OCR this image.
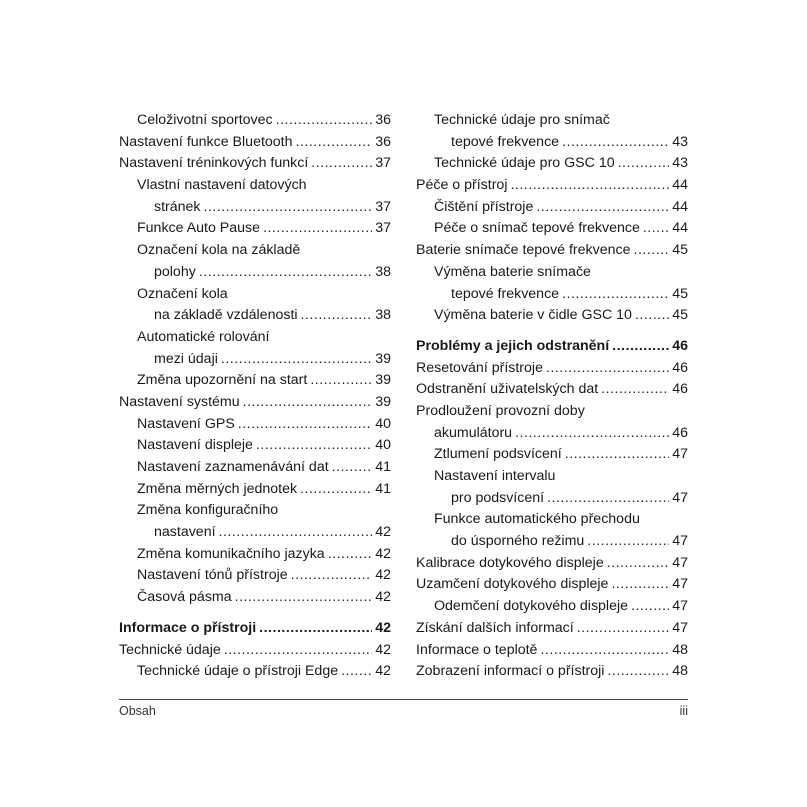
Celoživotní sportovec .....	36
Nastavení funkce Bluetooth .....	36
Nastavení tréninkových funkcí .....	37
Vlastní nastavení datových
stránek .....	37
Funkce Auto Pause .....	37
Označení kola na základě
polohy .....	38
Označení kola
na základě vzdálenosti .....	38
Automatické rolování
mezi údaji .....	39
Změna upozornění na start .....	39
Nastavení systému .....	39
Nastavení GPS .....	40
Nastavení displeje .....	40
Nastavení zaznamenávání dat .....	41
Změna měrných jednotek .....	41
Změna konfiguračního
nastavení .....	42
Změna komunikačního jazyka .....	42
Nastavení tónů přístroje .....	42
Časová pásma .....	42
Informace o přístroji .....	42
Technické údaje .....	42
Technické údaje o přístroji Edge .....	42
Technické údaje pro snímač
tepové frekvence .....	43
Technické údaje pro GSC 10 .....	43
Péče o přístroj .....	44
Čištění přístroje .....	44
Péče o snímač tepové frekvence ..... 44
Baterie snímače tepové frekvence .....	45
Výměna baterie snímače
tepové frekvence .....	45
Výměna baterie v čidle GSC 10 .....	45
Problémy a jejich odstranění .....	46
Resetování přístroje .....	46
Odstranění uživatelských dat .....	46
Prodloužení provozní doby
akumulátoru .....	46
Ztlumení podsvícení .....	47
Nastavení intervalu
pro podsvícení .....	47
Funkce automatického přechodu
do úsporného režimu .....	47
Kalibrace dotykového displeje .....	47
Uzamčení dotykového displeje .....	47
Odemčení dotykového displeje .....	47
Získání dalších informací .....	47
Informace o teplotě .....	48
Zobrazení informací o přístroji .....	48
Obsah	iii
